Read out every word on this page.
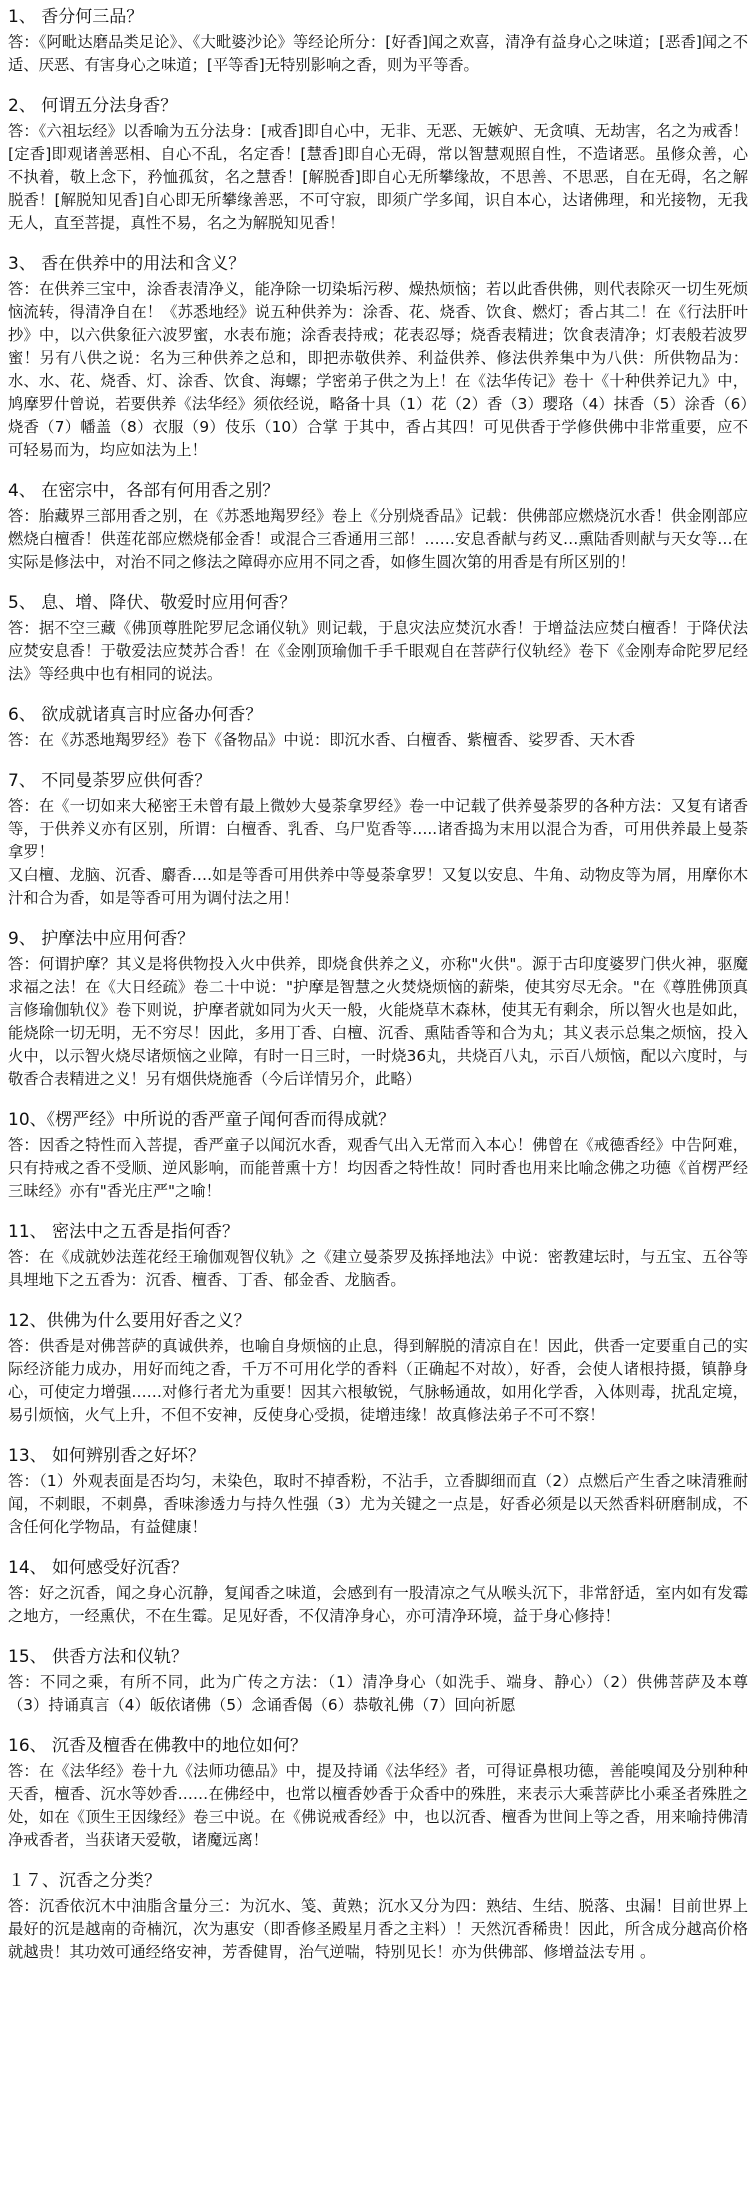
1、 香分何三品？
答：《阿毗达磨品类足论》、《大毗婆沙论》等经论所分：[好香]闻之欢喜，清净有益身心之味道；[恶香]闻之不适、厌恶、有害身心之味道；[平等香]无特别影响之香，则为平等香。
2、 何谓五分法身香？
答：《六祖坛经》以香喻为五分法身：[戒香]即自心中，无非、无恶、无嫉妒、无贪嗔、无劫害，名之为戒香！[定香]即观诸善恶相、自心不乱，名定香！[慧香]即自心无碍，常以智慧观照自性，不造诸恶。虽修众善，心不执着，敬上念下，矜恤孤贫，名之慧香！[解脱香]即自心无所攀缘故，不思善、不思恶，自在无碍，名之解脱香！[解脱知见香]自心即无所攀缘善恶，不可守寂，即须广学多闻，识自本心，达诸佛理，和光接物，无我无人，直至菩提，真性不易，名之为解脱知见香！
3、 香在供养中的用法和含义？
答：在供养三宝中，涂香表清净义，能净除一切染垢污秽、燥热烦恼；若以此香供佛，则代表除灭一切生死烦恼流转，得清净自在！《苏悉地经》说五种供养为：涂香、花、烧香、饮食、燃灯；香占其二！在《行法肝叶抄》中，以六供象征六波罗蜜，水表布施；涂香表持戒；花表忍辱；烧香表精进；饮食表清净；灯表般若波罗蜜！另有八供之说：名为三种供养之总和，即把赤敬供养、利益供养、修法供养集中为八供：所供物品为：水、水、花、烧香、灯、涂香、饮食、海螺；学密弟子供之为上！在《法华传记》卷十《十种供养记九》中，鸠摩罗什曾说，若要供养《法华经》须依经说，略备十具（1）花（2）香（3）璎珞（4）抹香（5）涂香（6）烧香（7）幡盖（8）衣服（9）伎乐（10）合掌 于其中，香占其四！可见供香于学修供佛中非常重要，应不可轻易而为，均应如法为上！
4、 在密宗中，各部有何用香之别？
答：胎藏界三部用香之别，在《苏悉地羯罗经》卷上《分别烧香品》记载：供佛部应燃烧沉水香！供金刚部应燃烧白檀香！供莲花部应燃烧郁金香！或混合三香通用三部！……安息香献与药叉…熏陆香则献与天女等…在实际是修法中，对治不同之修法之障碍亦应用不同之香，如修生圆次第的用香是有所区别的！
5、 息、增、降伏、敬爱时应用何香？
答：据不空三藏《佛顶尊胜陀罗尼念诵仪轨》则记载，于息灾法应焚沉水香！于增益法应焚白檀香！于降伏法应焚安息香！于敬爱法应焚苏合香！在《金刚顶瑜伽千手千眼观自在菩萨行仪轨经》卷下《金刚寿命陀罗尼经法》等经典中也有相同的说法。
6、 欲成就诸真言时应备办何香？
答：在《苏悉地羯罗经》卷下《备物品》中说：即沉水香、白檀香、紫檀香、娑罗香、天木香
7、 不同曼荼罗应供何香？
答：在《一切如来大秘密王未曾有最上微妙大曼荼拿罗经》卷一中记载了供养曼荼罗的各种方法：又复有诸香等，于供养义亦有区别，所谓：白檀香、乳香、乌尸览香等…..诸香捣为末用以混合为香，可用供养最上曼荼拿罗！
又白檀、龙脑、沉香、麝香….如是等香可用供养中等曼荼拿罗！又复以安息、牛角、动物皮等为屑，用摩你木汁和合为香，如是等香可用为调付法之用！
9、 护摩法中应用何香？
答：何谓护摩？其义是将供物投入火中供养，即烧食供养之义，亦称"火供"。源于古印度婆罗门供火神，驱魔求福之法！在《大日经疏》卷二十中说："护摩是智慧之火焚烧烦恼的薪柴，使其穷尽无余。"在《尊胜佛顶真言修瑜伽轨仪》卷下则说，护摩者就如同为火天一般，火能烧草木森林，使其无有剩余，所以智火也是如此，能烧除一切无明，无不穷尽！因此，多用丁香、白檀、沉香、熏陆香等和合为丸；其义表示总集之烦恼，投入火中，以示智火烧尽诸烦恼之业障，有时一日三时，一时烧36丸，共烧百八丸，示百八烦恼，配以六度时，与敬香合表精进之义！另有烟供烧施香（今后详情另介，此略）
10、《楞严经》中所说的香严童子闻何香而得成就？
答：因香之特性而入菩提，香严童子以闻沉水香，观香气出入无常而入本心！佛曾在《戒德香经》中告阿难，只有持戒之香不受顺、逆风影响，而能普熏十方！均因香之特性故！同时香也用来比喻念佛之功德《首楞严经三昧经》亦有"香光庄严"之喻！
11、 密法中之五香是指何香？
答：在《成就妙法莲花经王瑜伽观智仪轨》之《建立曼荼罗及拣择地法》中说：密教建坛时，与五宝、五谷等具埋地下之五香为：沉香、檀香、丁香、郁金香、龙脑香。
12、供佛为什么要用好香之义？
答：供香是对佛菩萨的真诚供养，也喻自身烦恼的止息，得到解脱的清凉自在！因此，供香一定要重自己的实际经济能力成办，用好而纯之香，千万不可用化学的香料（正确起不对故），好香，会使人诸根持摄，镇静身心，可使定力增强……对修行者尤为重要！因其六根敏锐，气脉畅通故，如用化学香，入体则毒，扰乱定境，易引烦恼，火气上升，不但不安神，反使身心受损，徒增违缘！故真修法弟子不可不察！
13、 如何辨别香之好坏？
答：（1）外观表面是否均匀，未染色，取时不掉香粉，不沾手，立香脚细而直（2）点燃后产生香之味清雅耐闻，不刺眼，不刺鼻，香味渗透力与持久性强（3）尤为关键之一点是，好香必须是以天然香料研磨制成，不含任何化学物品，有益健康！
14、 如何感受好沉香？
答：好之沉香，闻之身心沉静，复闻香之味道，会感到有一股清凉之气从喉头沉下，非常舒适，室内如有发霉之地方，一经熏伏，不在生霉。足见好香，不仅清净身心，亦可清净环境，益于身心修持！
15、 供香方法和仪轨？
答：不同之乘，有所不同，此为广传之方法：（1）清净身心（如洗手、端身、静心）（2）供佛菩萨及本尊（3）持诵真言（4）皈依诸佛（5）念诵香偈（6）恭敬礼佛（7）回向祈愿
16、 沉香及檀香在佛教中的地位如何？
答：在《法华经》卷十九《法师功德品》中，提及持诵《法华经》者，可得证鼻根功德，善能嗅闻及分别种种天香，檀香、沉水等妙香……在佛经中，也常以檀香妙香于众香中的殊胜，来表示大乘菩萨比小乘圣者殊胜之处，如在《顶生王因缘经》卷三中说。在《佛说戒香经》中，也以沉香、檀香为世间上等之香，用来喻持佛清净戒香者，当获诸天爱敬，诸魔远离！
１７、沉香之分类？
答：沉香依沉木中油脂含量分三：为沉水、笺、黄熟；沉水又分为四：熟结、生结、脱落、虫漏！目前世界上最好的沉是越南的奇楠沉，次为惠安（即香修圣殿星月香之主料）！天然沉香稀贵！因此，所含成分越高价格就越贵！其功效可通经络安神，芳香健胃，治气逆喘，特别见长！亦为供佛部、修增益法专用 。
